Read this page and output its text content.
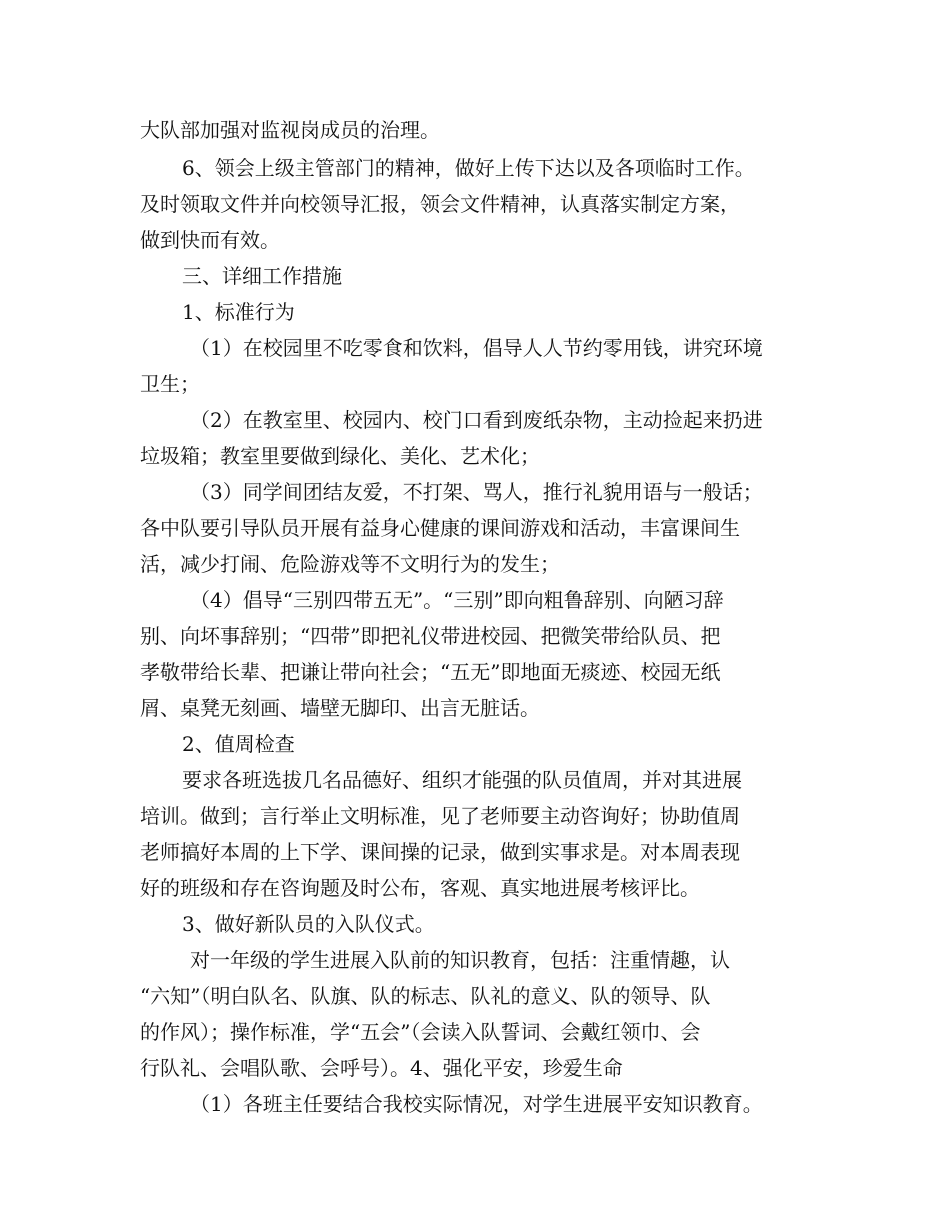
大队部加强对监视岗成员的治理。

6、领会上级主管部门的精神，做好上传下达以及各项临时工作。

及时领取文件并向校领导汇报，领会文件精神，认真落实制定方案，

做到快而有效。

三、详细工作措施

1、标准行为

（1）在校园里不吃零食和饮料，倡导人人节约零用钱，讲究环境

卫生；

（2）在教室里、校园内、校门口看到废纸杂物，主动捡起来扔进

垃圾箱；教室里要做到绿化、美化、艺术化；

（3）同学间团结友爱，不打架、骂人，推行礼貌用语与一般话；

各中队要引导队员开展有益身心健康的课间游戏和活动，丰富课间生

活，减少打闹、危险游戏等不文明行为的发生；

（4）倡导“三别四带五无”。“三别”即向粗鲁辞别、向陋习辞

别、向坏事辞别；“四带”即把礼仪带进校园、把微笑带给队员、把

孝敬带给长辈、把谦让带向社会；“五无”即地面无痰迹、校园无纸

屑、桌凳无刻画、墙壁无脚印、出言无脏话。

2、值周检查

要求各班选拔几名品德好、组织才能强的队员值周，并对其进展

培训。做到；言行举止文明标准，见了老师要主动咨询好；协助值周

老师搞好本周的上下学、课间操的记录，做到实事求是。对本周表现

好的班级和存在咨询题及时公布，客观、真实地进展考核评比。

3、做好新队员的入队仪式。

对一年级的学生进展入队前的知识教育，包括：注重情趣，认

“六知”（明白队名、队旗、队的标志、队礼的意义、队的领导、队

的作风）；操作标准，学“五会”（会读入队誓词、会戴红领巾、会

行队礼、会唱队歌、会呼号）。4、强化平安，珍爱生命

（1）各班主任要结合我校实际情况，对学生进展平安知识教育。
